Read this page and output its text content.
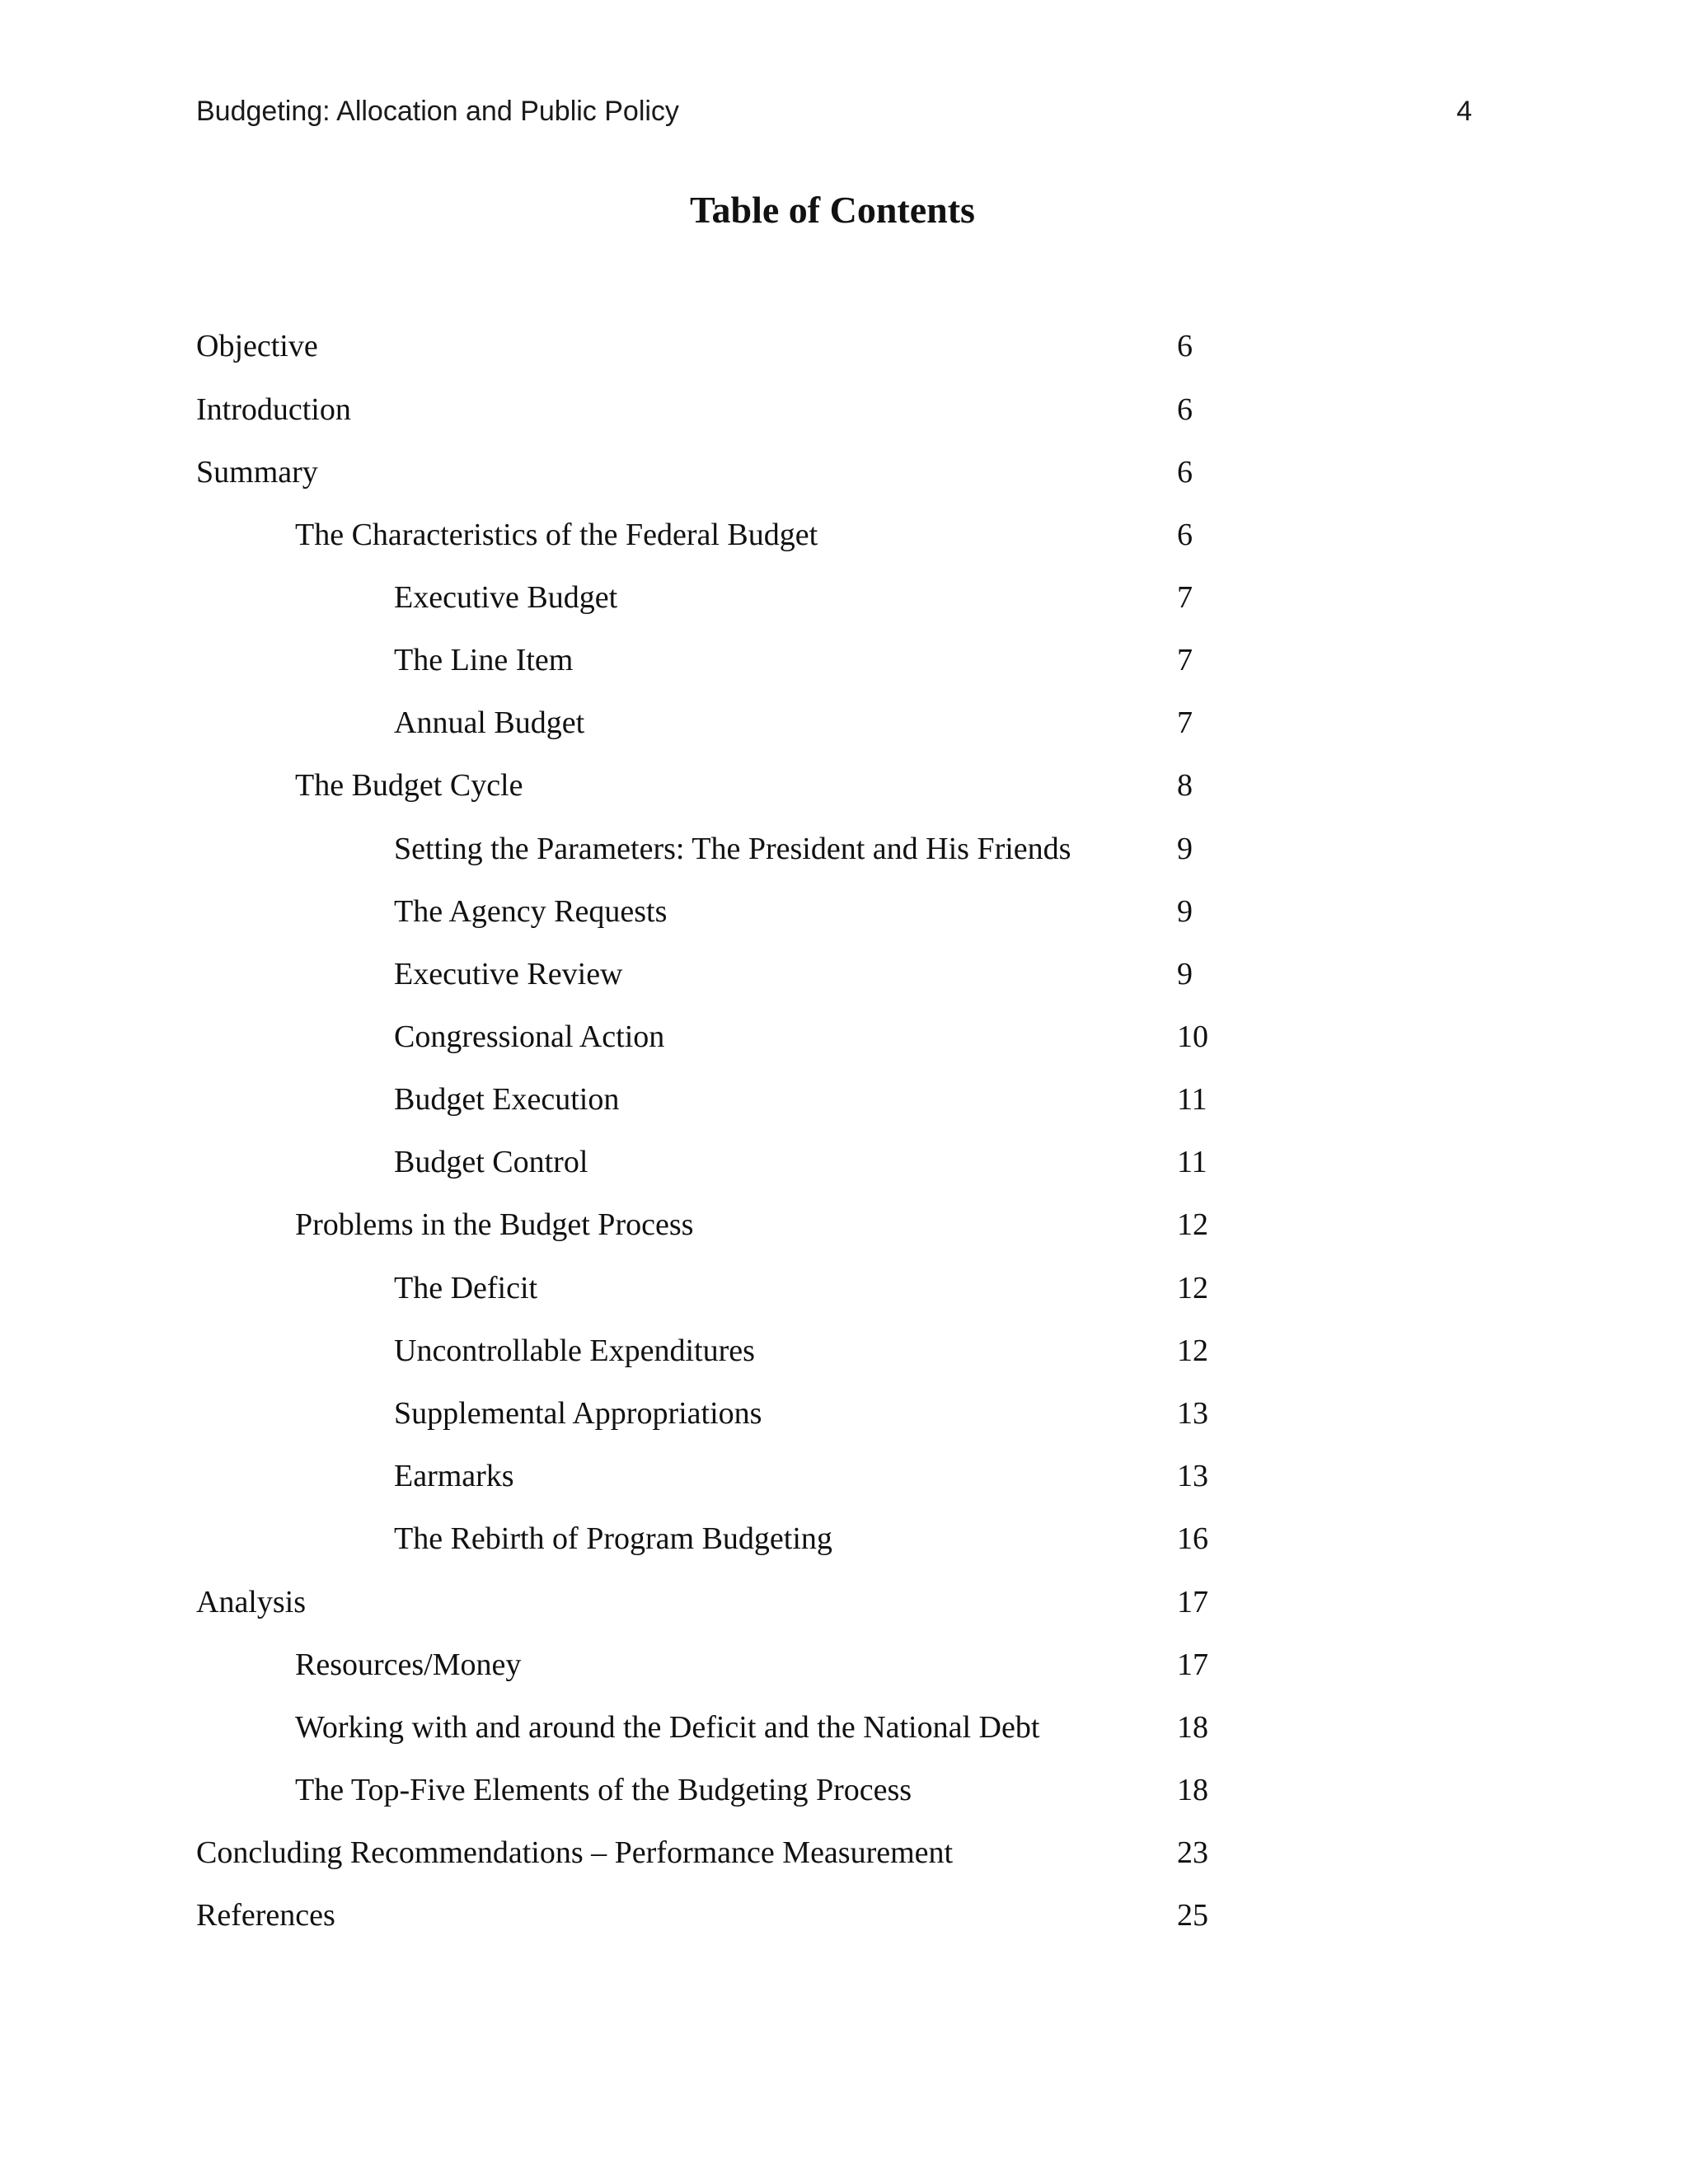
Budgeting: Allocation and Public Policy	4
Table of Contents
Objective	6
Introduction	6
Summary	6
The Characteristics of the Federal Budget	6
Executive Budget	7
The Line Item	7
Annual Budget	7
The Budget Cycle	8
Setting the Parameters: The President and His Friends	9
The Agency Requests	9
Executive Review	9
Congressional Action	10
Budget Execution	11
Budget Control	11
Problems in the Budget Process	12
The Deficit	12
Uncontrollable Expenditures	12
Supplemental Appropriations	13
Earmarks	13
The Rebirth of Program Budgeting	16
Analysis	17
Resources/Money	17
Working with and around the Deficit and the National Debt	18
The Top-Five Elements of the Budgeting Process	18
Concluding Recommendations – Performance Measurement	23
References	25
